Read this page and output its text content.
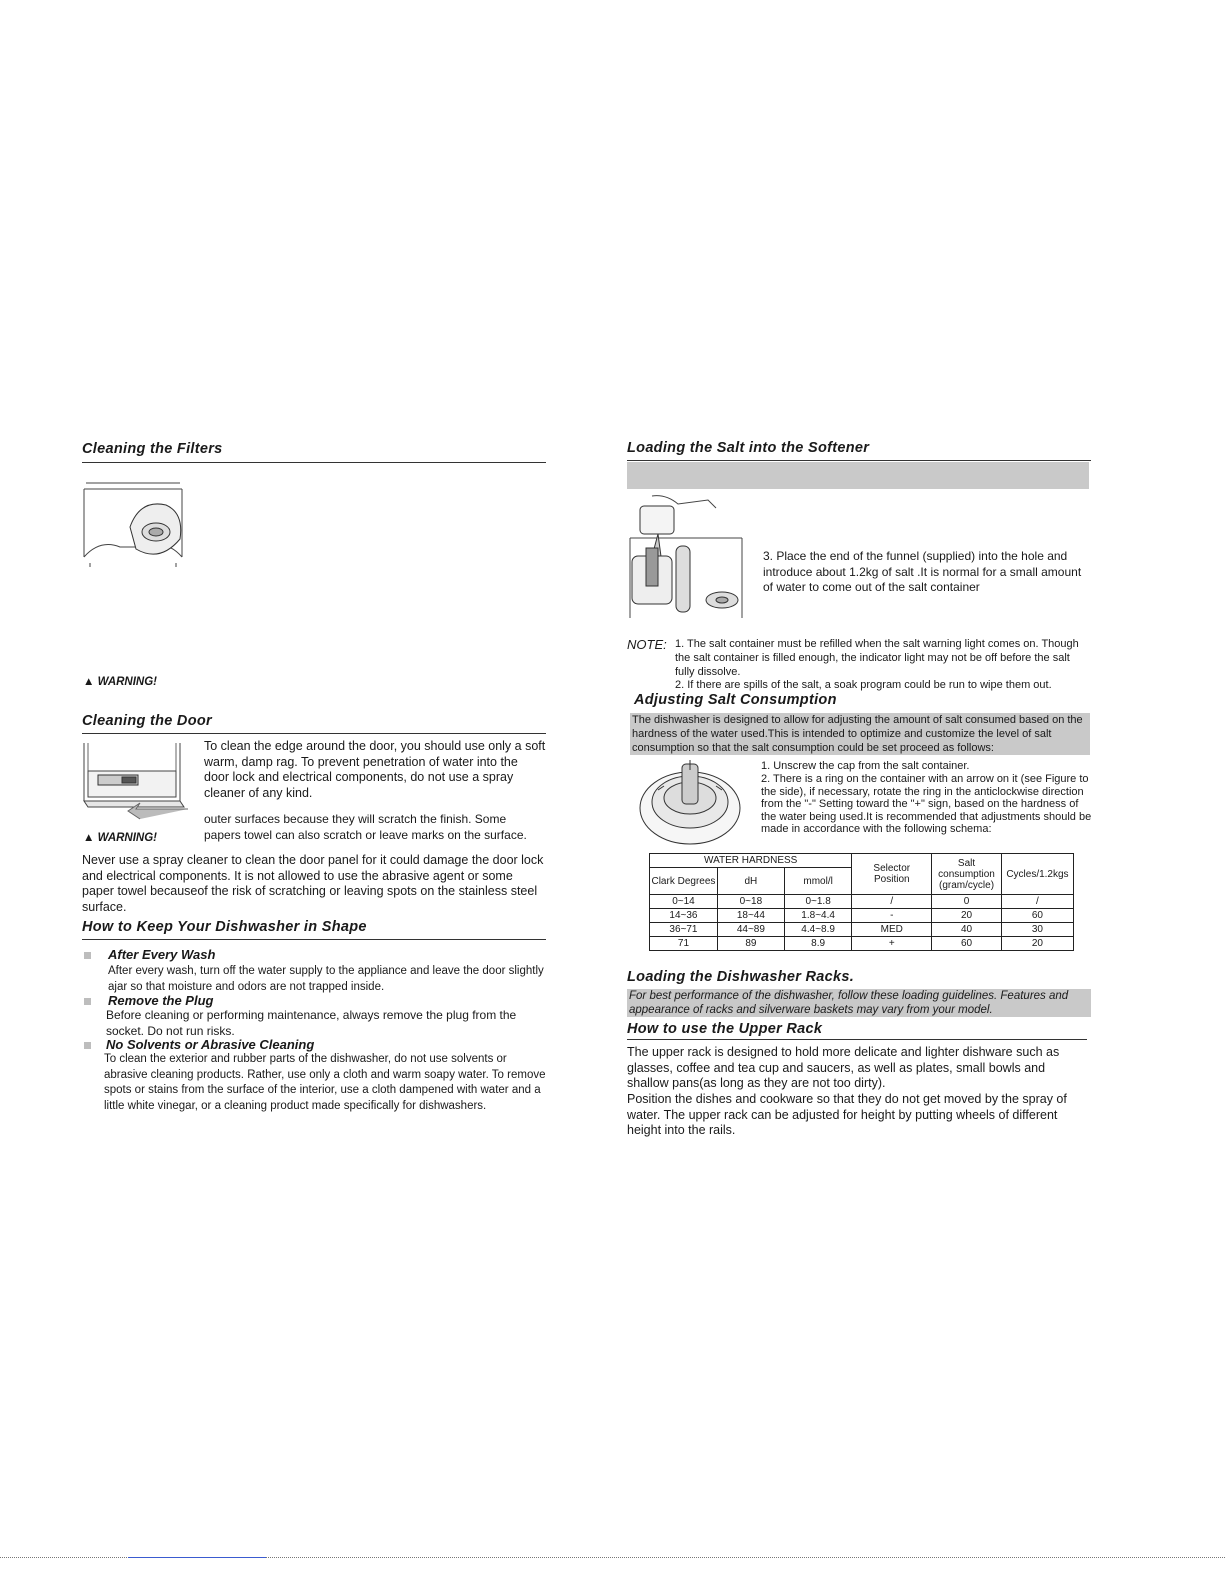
Cleaning the Filters
▲ WARNING!
Cleaning the Door
To clean the edge around the door, you should use only a soft warm, damp rag. To prevent penetration of water into the door lock and electrical components, do not use a spray cleaner of any kind.
outer surfaces because they will scratch the finish. Some papers towel can also scratch or leave marks on the surface.
▲ WARNING!
Never use a spray cleaner to clean the door panel for it could damage the door lock and electrical components. It is not allowed to use the abrasive agent or some paper towel becauseof the risk of scratching or leaving spots on the stainless steel surface.
How to Keep Your Dishwasher in Shape
After Every Wash
After every wash, turn off the water supply to the appliance and leave the door slightly ajar so that moisture and odors are not trapped inside.
Remove the Plug
Before cleaning or performing maintenance, always remove the plug from the socket. Do not run risks.
No Solvents or Abrasive Cleaning
To clean the exterior and rubber parts of the dishwasher, do not use solvents or abrasive cleaning products. Rather, use only a cloth and warm soapy water. To remove spots or stains from the surface of the interior, use a cloth dampened with water and a little white vinegar, or a cleaning product made specifically for dishwashers.
Loading the Salt into the Softener
3. Place the end of the funnel (supplied) into the hole and introduce about 1.2kg of salt .It is normal for a small amount of water to come out of the salt container
NOTE: 1. The salt container must be refilled when the salt warning light comes on. Though the salt container is filled enough, the indicator light may not be off before the salt fully dissolve.
2. If there are spills of the salt, a soak program could be run to wipe them out.
Adjusting Salt Consumption
The dishwasher is designed to allow for adjusting the amount of salt consumed based on the hardness of the water used.This is intended to optimize and customize the level of salt consumption so that the salt consumption could be set proceed as follows:
1. Unscrew the cap from the salt container.
2. There is a ring on the container with an arrow on it (see Figure to the side), if necessary, rotate the ring in the anticlockwise direction from the "-" Setting toward the "+" sign, based on the hardness of the water being used.It is recommended that adjustments should be made in accordance with the following schema:
WATER HARDNESS			Selector Position	Salt consumption (gram/cycle)	Cycles/1.2kgs
Clark Degrees	dH	mmol/l			
0~14	0~18	0~1.8	/	0	/
14~36	18~44	1.8~4.4	-	20	60
36~71	44~89	4.4~8.9	MED	40	30
71	89	8.9	+	60	20
Loading the Dishwasher Racks.
For best performance of the dishwasher, follow these loading guidelines. Features and appearance of racks and silverware baskets may vary from your model.
How to use the Upper Rack
The upper rack is designed to hold more delicate and lighter dishware such as glasses, coffee and tea cup and saucers, as well as plates, small bowls and shallow pans(as long as they are not too dirty).
Position the dishes and cookware so that they do not get moved by the spray of water. The upper rack can be adjusted for height by putting wheels of different height into the rails.
